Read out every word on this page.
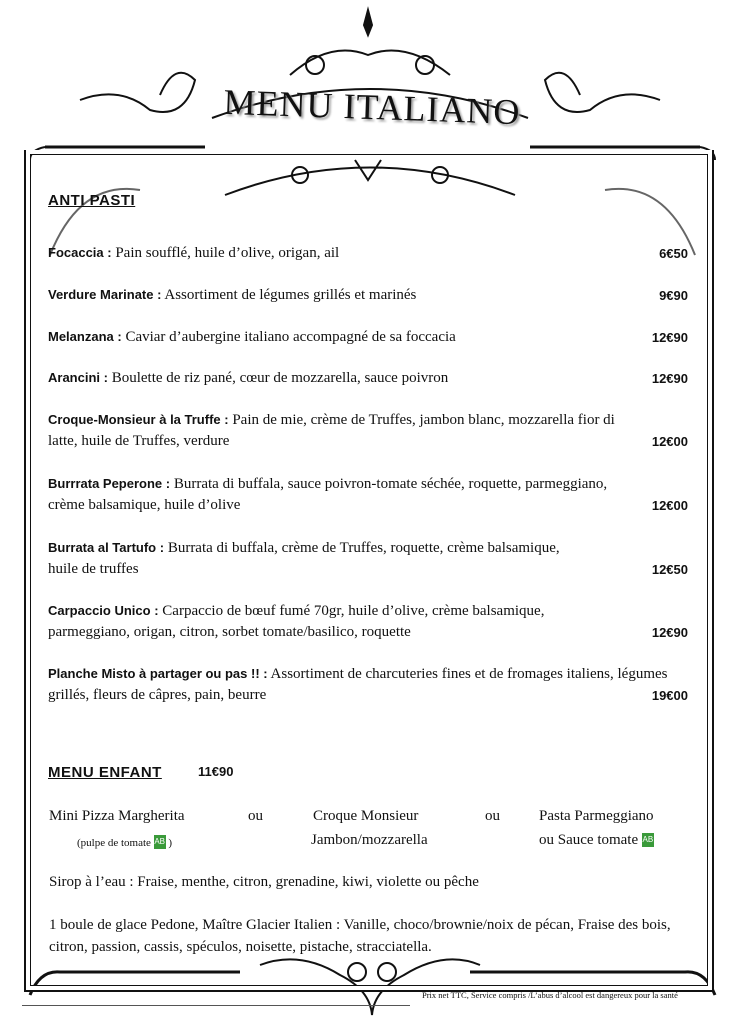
MENU ITALIANO
ANTI PASTI
Focaccia : Pain soufflé, huile d’olive, origan, ail	6€50
Verdure Marinate : Assortiment de légumes grillés et marinés	9€90
Melanzana : Caviar d’aubergine italiano accompagné de sa foccacia	12€90
Arancini : Boulette de riz pané, cœur de mozzarella, sauce poivron	12€90
Croque-Monsieur à la Truffe : Pain de mie, crème de Truffes, jambon blanc, mozzarella fior di latte, huile de Truffes, verdure	12€00
Burrrata Peperone : Burrata di buffala, sauce poivron-tomate séchée, roquette, parmeggiano, crème balsamique, huile d’olive	12€00
Burrata al Tartufo : Burrata di buffala, crème de Truffes, roquette, crème balsamique, huile de truffes	12€50
Carpaccio Unico : Carpaccio de bœuf fumé 70gr, huile d’olive, crème balsamique, parmeggiano, origan, citron, sorbet tomate/basilico, roquette	12€90
Planche Misto à partager ou pas !! : Assortiment de charcuteries fines et de fromages italiens, légumes grillés, fleurs de câpres, pain, beurre	19€00
MENU ENFANT	11€90
Mini Pizza Margherita
(pulpe de tomate AB )
ou	Croque Monsieur
Jambon/mozzarella
ou	Pasta Parmeggiano
ou Sauce tomate AB
Sirop à l’eau : Fraise, menthe, citron, grenadine, kiwi, violette ou pêche
1 boule de glace Pedone, Maître Glacier Italien : Vanille, choco/brownie/noix de pécan, Fraise des bois, citron, passion, cassis, spéculos, noisette, pistache, stracciatella.
Prix net TTC, Service compris /L’abus d’alcool est dangereux pour la santé
